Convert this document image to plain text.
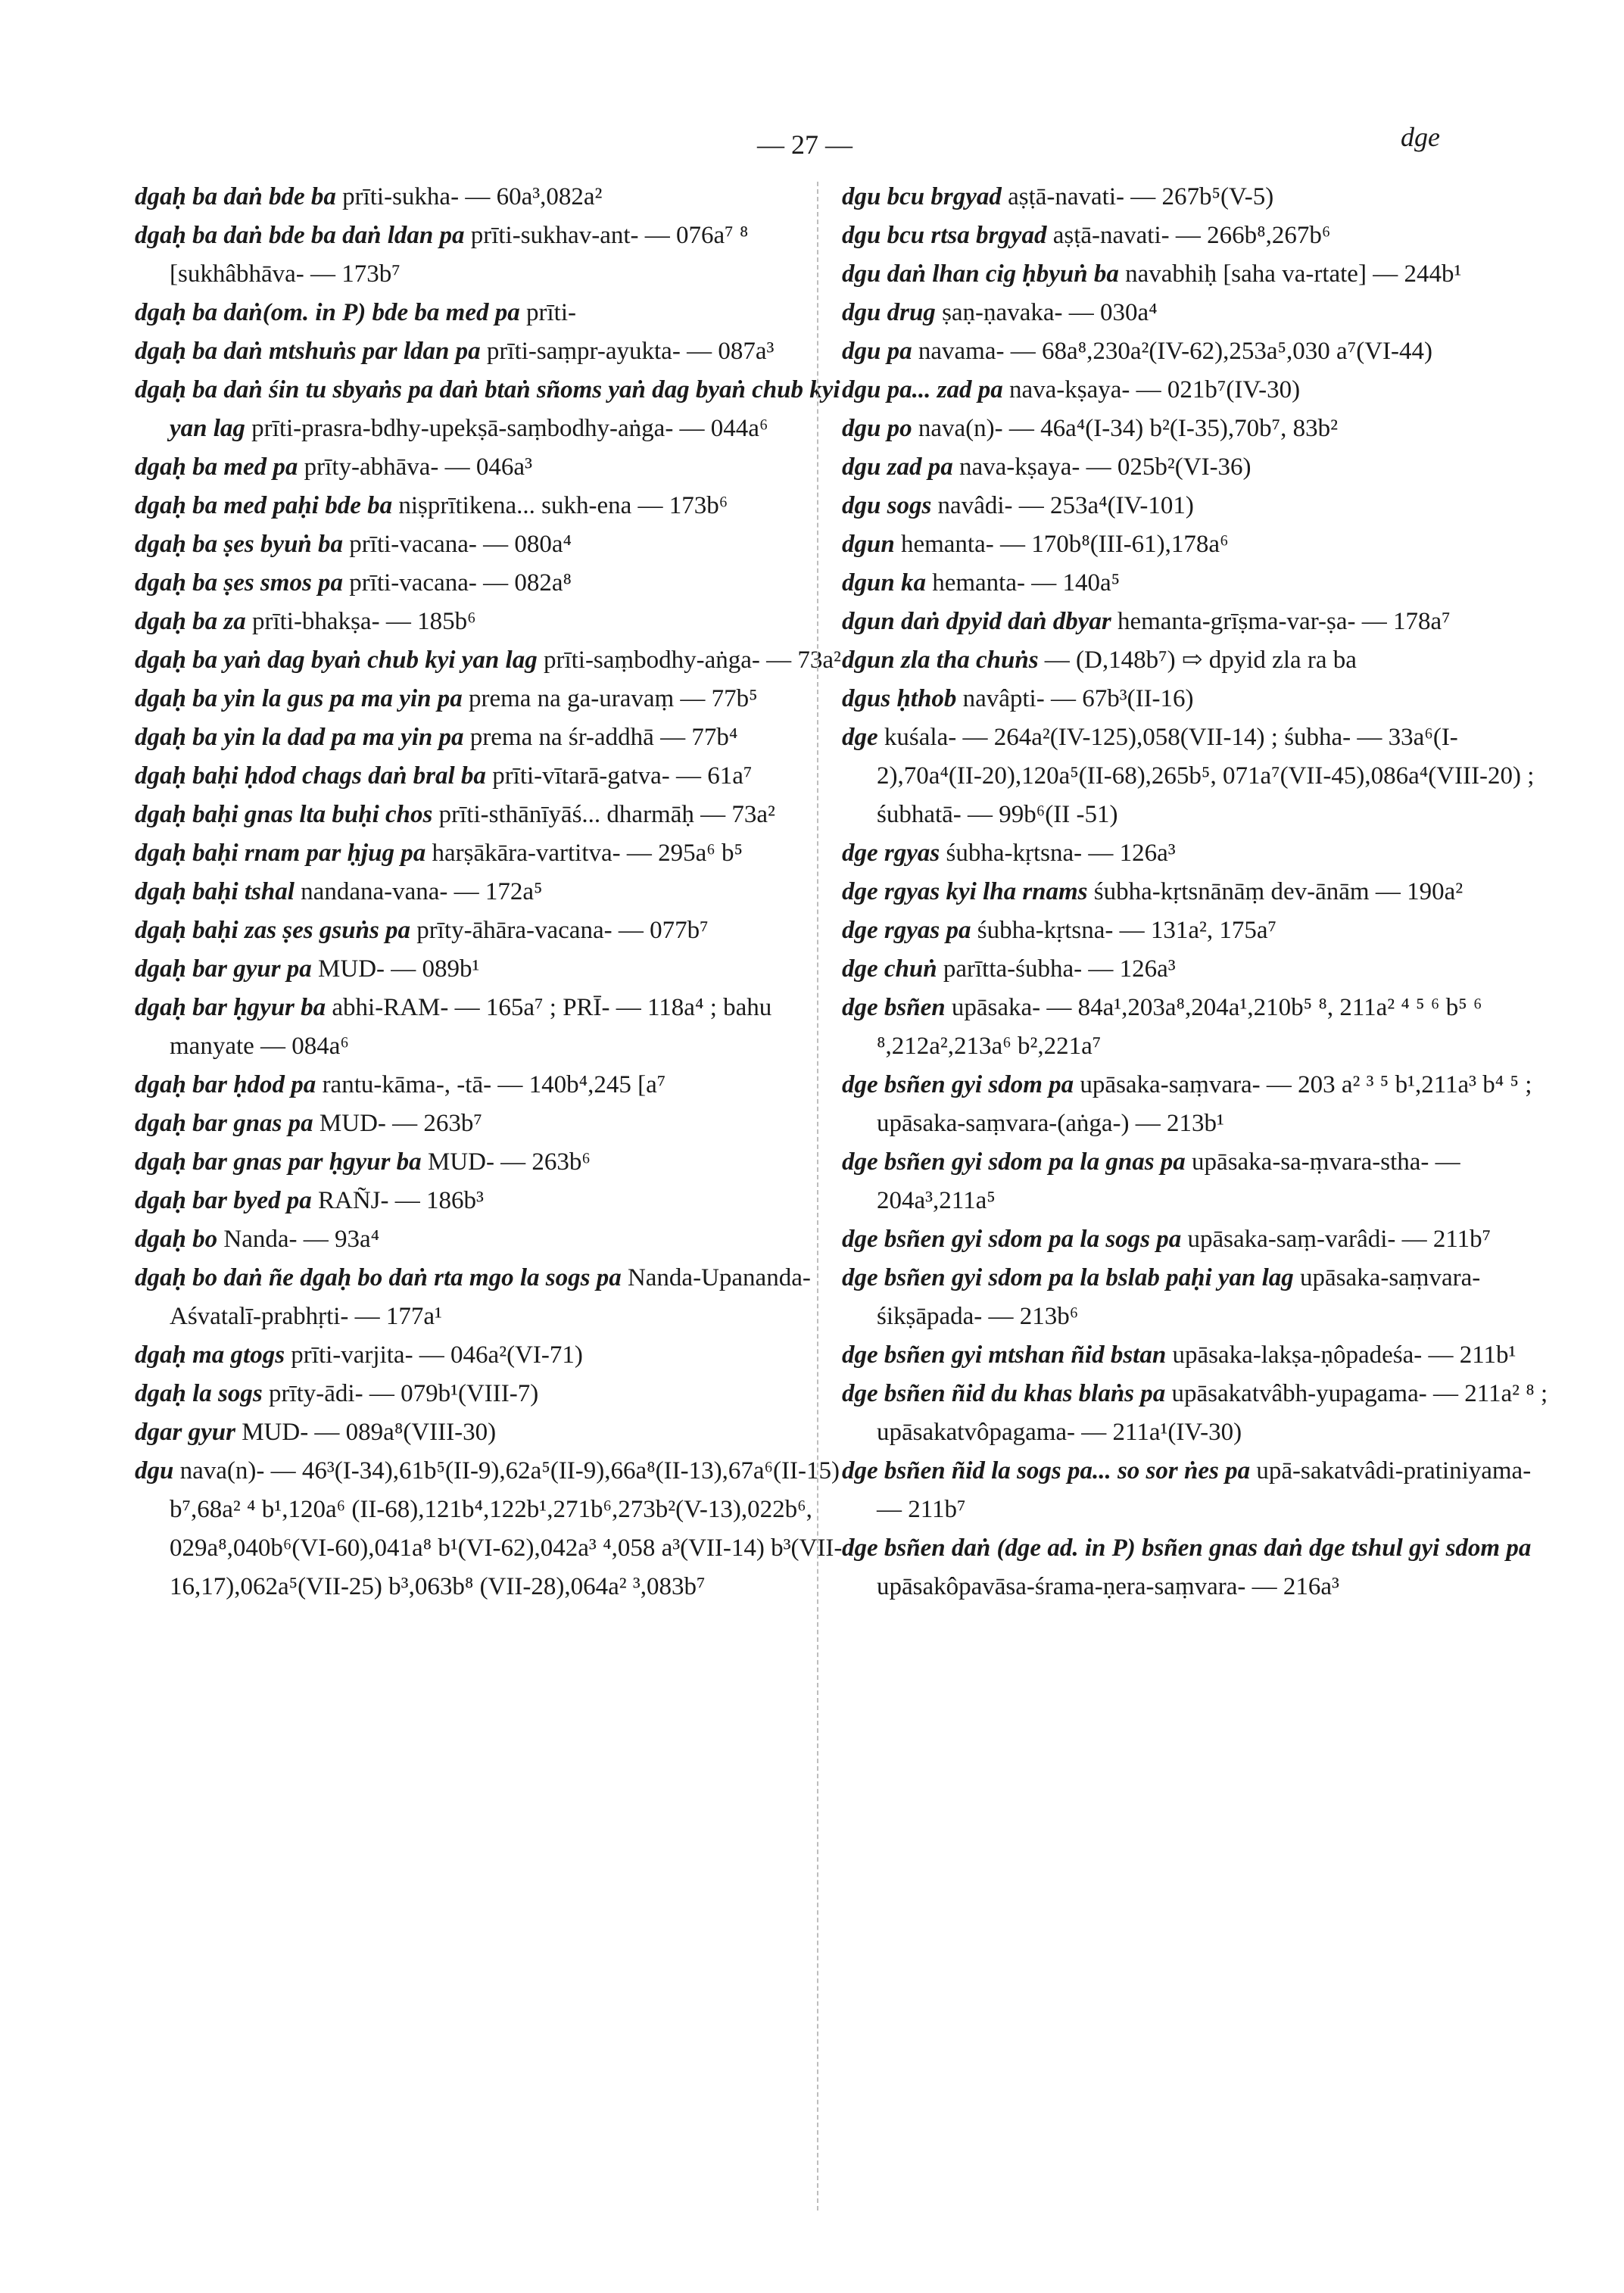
— 27 —	dge

dgaḥ ba daṅ bde ba prīti-sukha- — 60a³,082a²

dgaḥ ba daṅ bde ba daṅ ldan pa prīti-sukhav-ant- — 076a⁷ ⁸ [sukhâbhāva- — 173b⁷

dgaḥ ba daṅ(om. in P) bde ba med pa prīti-

dgaḥ ba daṅ mtshuṅs par ldan pa prīti-saṃpr-ayukta- — 087a³

dgaḥ ba daṅ śin tu sbyaṅs pa daṅ btaṅ sñoms yaṅ dag byaṅ chub kyi yan lag prīti-prasra-bdhy-upekṣā-saṃbodhy-aṅga- — 044a⁶

dgaḥ ba med pa prīty-abhāva- — 046a³

dgaḥ ba med paḥi bde ba niṣprītikena... sukh-ena — 173b⁶

dgaḥ ba ṣes byuṅ ba prīti-vacana- — 080a⁴

dgaḥ ba ṣes smos pa prīti-vacana- — 082a⁸

dgaḥ ba za prīti-bhakṣa- — 185b⁶

dgaḥ ba yaṅ dag byaṅ chub kyi yan lag prīti-saṃbodhy-aṅga- — 73a²

dgaḥ ba yin la gus pa ma yin pa prema na ga-uravaṃ — 77b⁵

dgaḥ ba yin la dad pa ma yin pa prema na śr-addhā — 77b⁴

dgaḥ baḥi ḥdod chags daṅ bral ba prīti-vītarā-gatva- — 61a⁷

dgaḥ baḥi gnas lta buḥi chos prīti-sthānīyāś... dharmāḥ — 73a²

dgaḥ baḥi rnam par ḥjug pa harṣākāra-vartitva- — 295a⁶ b⁵

dgaḥ baḥi tshal nandana-vana- — 172a⁵

dgaḥ baḥi zas ṣes gsuṅs pa prīty-āhāra-vacana- — 077b⁷

dgaḥ bar gyur pa MUD- — 089b¹

dgaḥ bar ḥgyur ba abhi-RAM- — 165a⁷ ; PRĪ- — 118a⁴ ; bahu manyate — 084a⁶

dgaḥ bar ḥdod pa rantu-kāma-, -tā- — 140b⁴,245 [a⁷

dgaḥ bar gnas pa MUD- — 263b⁷

dgaḥ bar gnas par ḥgyur ba MUD- — 263b⁶

dgaḥ bar byed pa RAÑJ- — 186b³

dgaḥ bo Nanda- — 93a⁴

dgaḥ bo daṅ ñe dgaḥ bo daṅ rta mgo la sogs pa Nanda-Upananda-Aśvatalī-prabhṛti- — 177a¹

dgaḥ ma gtogs prīti-varjita- — 046a²(VI-71)

dgaḥ la sogs prīty-ādi- — 079b¹(VIII-7)

dgar gyur MUD- — 089a⁸(VIII-30)

dgu nava(n)- — 46³(I-34),61b⁵(II-9),62a⁵(II-9),66a⁸(II-13),67a⁶(II-15) b⁷,68a² ⁴ b¹,120a⁶ (II-68),121b⁴,122b¹,271b⁶,273b²(V-13),022b⁶, 029a⁸,040b⁶(VI-60),041a⁸ b¹(VI-62),042a³ ⁴,058 a³(VII-14) b³(VII-16,17),062a⁵(VII-25) b³,063b⁸ (VII-28),064a² ³,083b⁷

dgu bcu brgyad aṣṭā-navati- — 267b⁵(V-5)

dgu bcu rtsa brgyad aṣṭā-navati- — 266b⁸,267b⁶

dgu daṅ lhan cig ḥbyuṅ ba navabhiḥ [saha va-rtate] — 244b¹

dgu drug ṣaṇ-ṇavaka- — 030a⁴

dgu pa navama- — 68a⁸,230a²(IV-62),253a⁵,030 a⁷(VI-44)

dgu pa... zad pa nava-kṣaya- — 021b⁷(IV-30)

dgu po nava(n)- — 46a⁴(I-34) b²(I-35),70b⁷, 83b²

dgu zad pa nava-kṣaya- — 025b²(VI-36)

dgu sogs navâdi- — 253a⁴(IV-101)

dgun hemanta- — 170b⁸(III-61),178a⁶

dgun ka hemanta- — 140a⁵

dgun daṅ dpyid daṅ dbyar hemanta-grīṣma-var-ṣa- — 178a⁷

dgun zla tha chuṅs — (D,148b⁷) ⇨ dpyid zla ra ba

dgus ḥthob navâpti- — 67b³(II-16)

dge kuśala- — 264a²(IV-125),058(VII-14) ; śubha- — 33a⁶(I-2),70a⁴(II-20),120a⁵(II-68),265b⁵, 071a⁷(VII-45),086a⁴(VIII-20) ; śubhatā- — 99b⁶(II -51)

dge rgyas śubha-kṛtsna- — 126a³

dge rgyas kyi lha rnams śubha-kṛtsnānāṃ dev-ānām — 190a²

dge rgyas pa śubha-kṛtsna- — 131a², 175a⁷

dge chuṅ parītta-śubha- — 126a³

dge bsñen upāsaka- — 84a¹,203a⁸,204a¹,210b⁵ ⁸, 211a² ⁴ ⁵ ⁶ b⁵ ⁶ ⁸,212a²,213a⁶ b²,221a⁷

dge bsñen gyi sdom pa upāsaka-saṃvara- — 203 a² ³ ⁵ b¹,211a³ b⁴ ⁵ ; upāsaka-saṃvara-(aṅga-) — 213b¹

dge bsñen gyi sdom pa la gnas pa upāsaka-sa-ṃvara-stha- — 204a³,211a⁵

dge bsñen gyi sdom pa la sogs pa upāsaka-saṃ-varâdi- — 211b⁷

dge bsñen gyi sdom pa la bslab paḥi yan lag upāsaka-saṃvara-śikṣāpada- — 213b⁶

dge bsñen gyi mtshan ñid bstan upāsaka-lakṣa-ṇôpadeśa- — 211b¹

dge bsñen ñid du khas blaṅs pa upāsakatvâbh-yupagama- — 211a² ⁸ ; upāsakatvôpagama- — 211a¹(IV-30)

dge bsñen ñid la sogs pa... so sor ṅes pa upā-sakatvâdi-pratiniyama- — 211b⁷

dge bsñen daṅ (dge ad. in P) bsñen gnas daṅ dge tshul gyi sdom pa upāsakôpavāsa-śrama-ṇera-saṃvara- — 216a³
